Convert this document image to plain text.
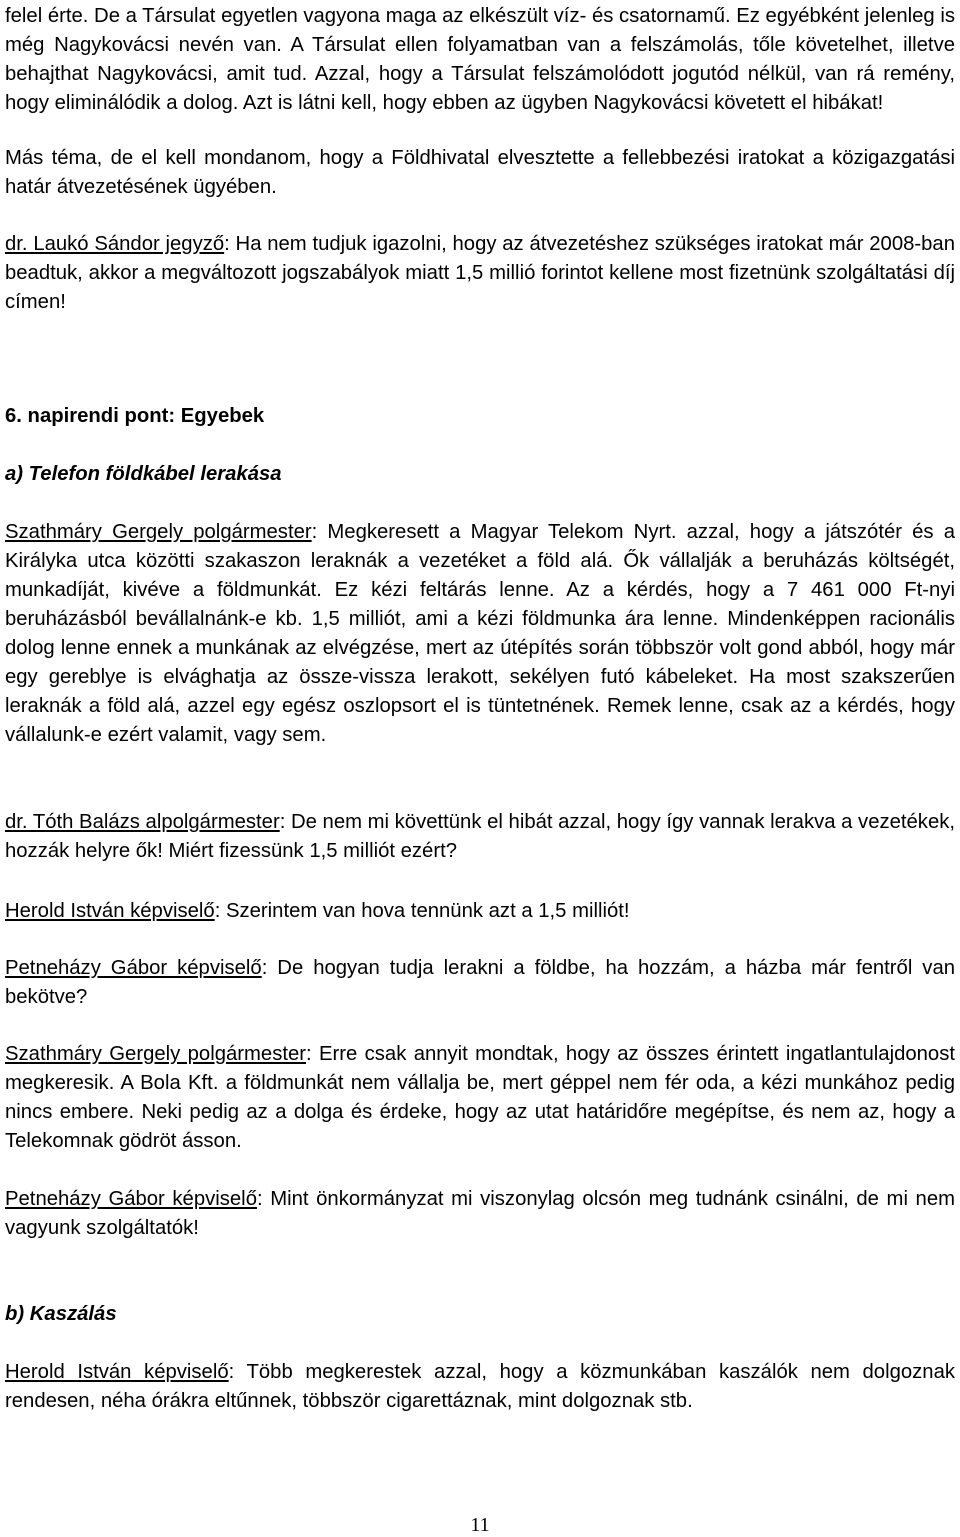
felel érte. De a Társulat egyetlen vagyona maga az elkészült víz- és csatornamű. Ez egyébként jelenleg is még Nagykovácsi nevén van. A Társulat ellen folyamatban van a felszámolás, tőle követelhet, illetve behajthat Nagykovácsi, amit tud. Azzal, hogy a Társulat felszámolódott jogutód nélkül, van rá remény, hogy eliminálódik a dolog. Azt is látni kell, hogy ebben az ügyben Nagykovácsi követett el hibákat!

Más téma, de el kell mondanom, hogy a Földhivatal elvesztette a fellebbezési iratokat a közigazgatási határ átvezetésének ügyében.

dr. Laukó Sándor jegyző: Ha nem tudjuk igazolni, hogy az átvezetéshez szükséges iratokat már 2008-ban beadtuk, akkor a megváltozott jogszabályok miatt 1,5 millió forintot kellene most fizetnünk szolgáltatási díj címen!

6. napirendi pont: Egyebek

a) Telefon földkábel lerakása

Szathmáry Gergely polgármester: Megkeresett a Magyar Telekom Nyrt. azzal, hogy a játszótér és a Királyka utca közötti szakaszon leraknák a vezetéket a föld alá. Ők vállalják a beruházás költségét, munkadíját, kivéve a földmunkát. Ez kézi feltárás lenne. Az a kérdés, hogy a 7 461 000 Ft-nyi beruházásból bevállalnánk-e kb. 1,5 milliót, ami a kézi földmunka ára lenne. Mindenképpen racionális dolog lenne ennek a munkának az elvégzése, mert az útépítés során többször volt gond abból, hogy már egy gereblye is elvághatja az össze-vissza lerakott, sekélyen futó kábeleket. Ha most szakszerűen leraknák a föld alá, azzel egy egész oszlopsort el is tüntetnének. Remek lenne, csak az a kérdés, hogy vállalunk-e ezért valamit, vagy sem.

dr. Tóth Balázs alpolgármester: De nem mi követtünk el hibát azzal, hogy így vannak lerakva a vezetékek, hozzák helyre ők! Miért fizessünk 1,5 milliót ezért?

Herold István képviselő: Szerintem van hova tennünk azt a 1,5 milliót!

Petneházy Gábor képviselő: De hogyan tudja lerakni a földbe, ha hozzám, a házba már fentről van bekötve?

Szathmáry Gergely polgármester: Erre csak annyit mondtak, hogy az összes érintett ingatlantulajdonost megkeresik. A Bola Kft. a földmunkát nem vállalja be, mert géppel nem fér oda, a kézi munkához pedig nincs embere. Neki pedig az a dolga és érdeke, hogy az utat határidőre megépítse, és nem az, hogy a Telekomnak gödröt ásson.

Petneházy Gábor képviselő: Mint önkormányzat mi viszonylag olcsón meg tudnánk csinálni, de mi nem vagyunk szolgáltatók!

b) Kaszálás

Herold István képviselő: Több megkerestek azzal, hogy a közmunkában kaszálók nem dolgoznak rendesen, néha órákra eltűnnek, többször cigarettáznak, mint dolgoznak stb.

11
